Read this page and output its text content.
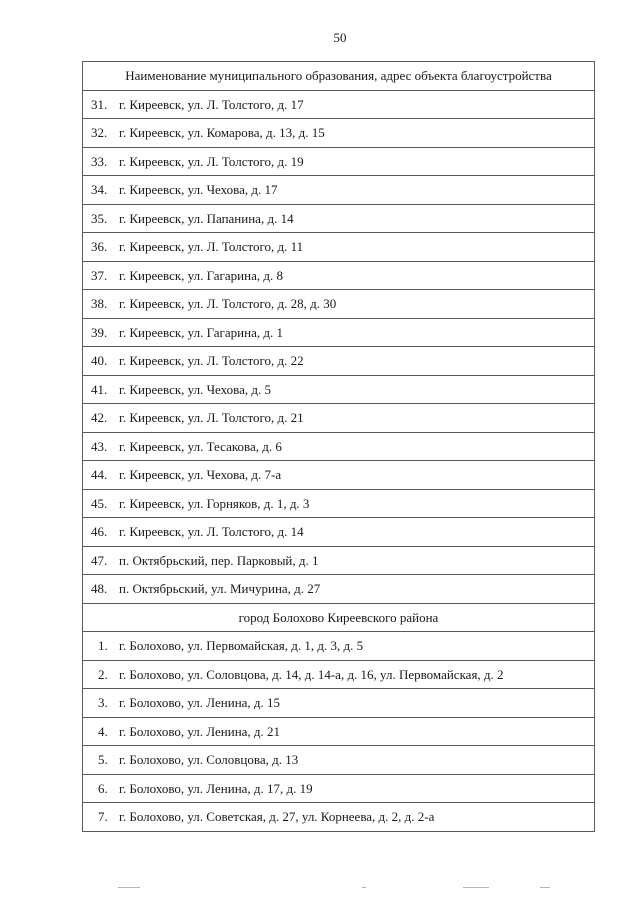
50
Наименование муниципального образования, адрес объекта благоустройства
31. г. Киреевск, ул. Л. Толстого, д. 17
32. г. Киреевск, ул. Комарова, д. 13, д. 15
33. г. Киреевск, ул. Л. Толстого, д. 19
34. г. Киреевск, ул. Чехова, д. 17
35. г. Киреевск, ул. Папанина, д. 14
36. г. Киреевск, ул. Л. Толстого, д. 11
37. г. Киреевск, ул. Гагарина, д. 8
38. г. Киреевск, ул. Л. Толстого, д. 28, д. 30
39. г. Киреевск, ул. Гагарина, д. 1
40. г. Киреевск, ул. Л. Толстого, д. 22
41. г. Киреевск, ул. Чехова, д. 5
42. г. Киреевск, ул. Л. Толстого, д. 21
43. г. Киреевск, ул. Тесакова, д. 6
44. г. Киреевск, ул. Чехова, д. 7-а
45. г. Киреевск, ул. Горняков, д. 1, д. 3
46. г. Киреевск, ул. Л. Толстого, д. 14
47. п. Октябрьский, пер. Парковый, д. 1
48. п. Октябрьский, ул. Мичурина, д. 27
город Болохово Киреевского района
1. г. Болохово, ул. Первомайская, д. 1, д. 3, д. 5
2. г. Болохово, ул. Соловцова, д. 14, д. 14-а, д. 16, ул. Первомайская, д. 2
3. г. Болохово, ул. Ленина, д. 15
4. г. Болохово, ул. Ленина, д. 21
5. г. Болохово, ул. Соловцова, д. 13
6. г. Болохово, ул. Ленина, д. 17, д. 19
7. г. Болохово, ул. Советская, д. 27, ул. Корнеева, д. 2, д. 2-а
